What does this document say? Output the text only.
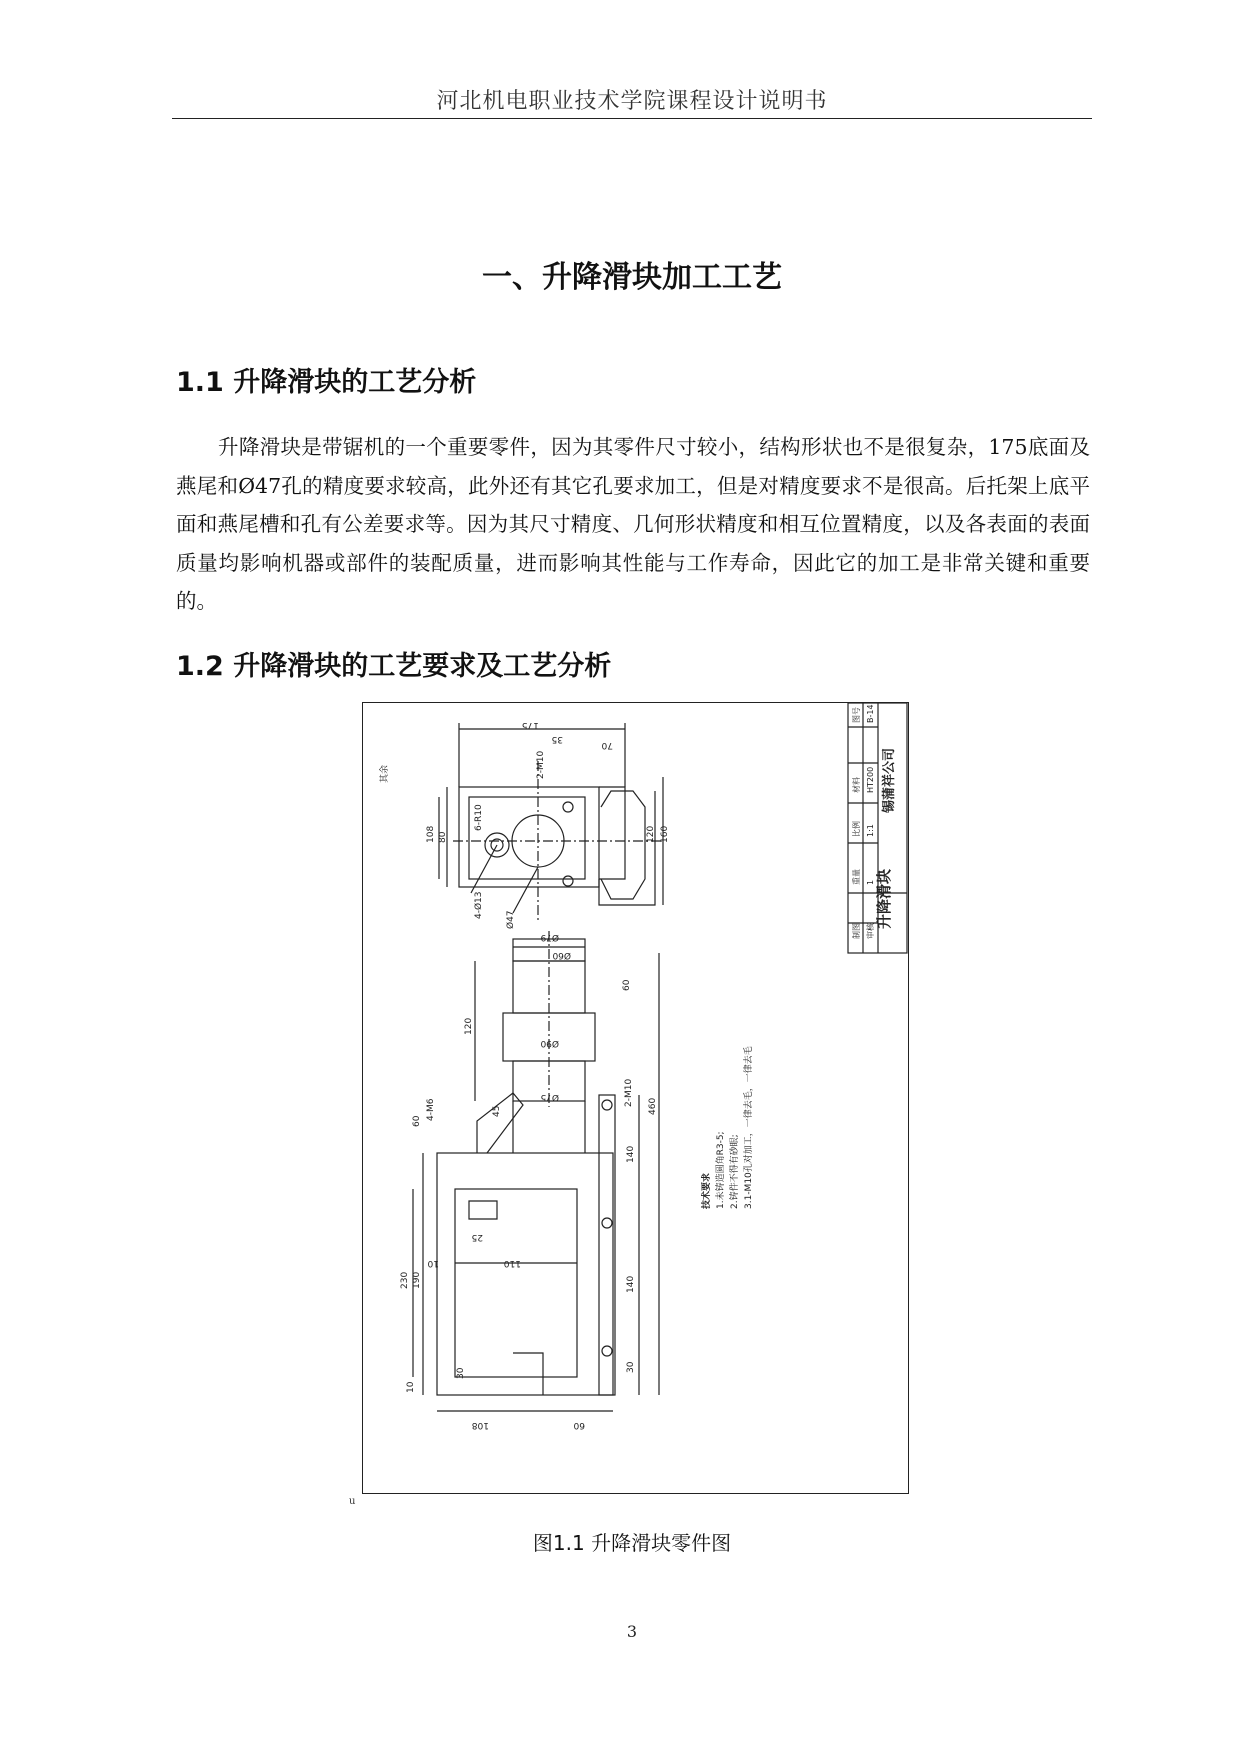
河北机电职业技术学院课程设计说明书
一、升降滑块加工工艺
1.1 升降滑块的工艺分析
升降滑块是带锯机的一个重要零件，因为其零件尺寸较小，结构形状也不是很复杂，175底面及燕尾和Ø47孔的精度要求较高，此外还有其它孔要求加工，但是对精度要求不是很高。后托架上底平面和燕尾槽和孔有公差要求等。因为其尺寸精度、几何形状精度和相互位置精度，以及各表面的表面质量均影响机器或部件的装配质量，进而影响其性能与工作寿命，因此它的加工是非常关键和重要的。
1.2 升降滑块的工艺要求及工艺分析
其余
175
35
70
108 80
6-R10
2-M10
120 160
Ø47
4-Ø13
Ø79
Ø60
60
120
Ø90
Ø75	2-M10 460
60
4-M6	45
25
10	110
230 190
10
30
108	60
140
140
30
技术要求 1.未铸造圆角R3-5; 2.铸件不得有砂眼; 3.1-M10孔对加工，一律去毛，一律去毛
制图 审核
升降滑块
比例 1:1
重量 1
材料 HT200
图号 B-14
锡蒲祥公司
u
图1.1 升降滑块零件图
3
